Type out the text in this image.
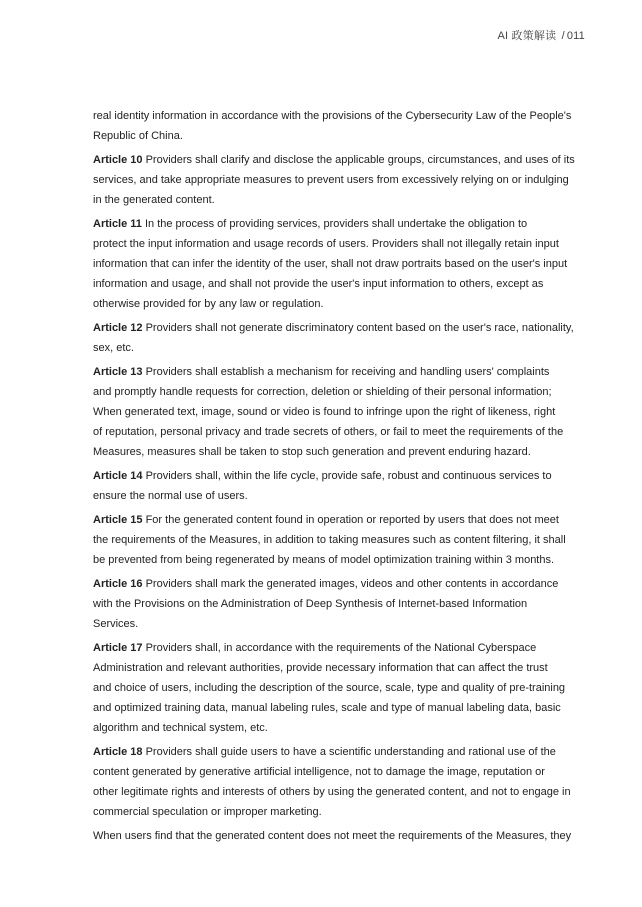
AI 政策解读 / 011

real identity information in accordance with the provisions of the Cybersecurity Law of the People's
Republic of China.

Article 10 Providers shall clarify and disclose the applicable groups, circumstances, and uses of its
services, and take appropriate measures to prevent users from excessively relying on or indulging
in the generated content.

Article 11 In the process of providing services, providers shall undertake the obligation to
protect the input information and usage records of users. Providers shall not illegally retain input
information that can infer the identity of the user, shall not draw portraits based on the user's input
information and usage, and shall not provide the user's input information to others, except as
otherwise provided for by any law or regulation.

Article 12 Providers shall not generate discriminatory content based on the user's race, nationality,
sex, etc.

Article 13 Providers shall establish a mechanism for receiving and handling users' complaints
and promptly handle requests for correction, deletion or shielding of their personal information;
When generated text, image, sound or video is found to infringe upon the right of likeness, right
of reputation, personal privacy and trade secrets of others, or fail to meet the requirements of the
Measures, measures shall be taken to stop such generation and prevent enduring hazard.

Article 14 Providers shall, within the life cycle, provide safe, robust and continuous services to
ensure the normal use of users.

Article 15 For the generated content found in operation or reported by users that does not meet
the requirements of the Measures, in addition to taking measures such as content filtering, it shall
be prevented from being regenerated by means of model optimization training within 3 months.

Article 16 Providers shall mark the generated images, videos and other contents in accordance
with the Provisions on the Administration of Deep Synthesis of Internet-based Information
Services.

Article 17 Providers shall, in accordance with the requirements of the National Cyberspace
Administration and relevant authorities, provide necessary information that can affect the trust
and choice of users, including the description of the source, scale, type and quality of pre-training
and optimized training data, manual labeling rules, scale and type of manual labeling data, basic
algorithm and technical system, etc.

Article 18 Providers shall guide users to have a scientific understanding and rational use of the
content generated by generative artificial intelligence, not to damage the image, reputation or
other legitimate rights and interests of others by using the generated content, and not to engage in
commercial speculation or improper marketing.

When users find that the generated content does not meet the requirements of the Measures, they
